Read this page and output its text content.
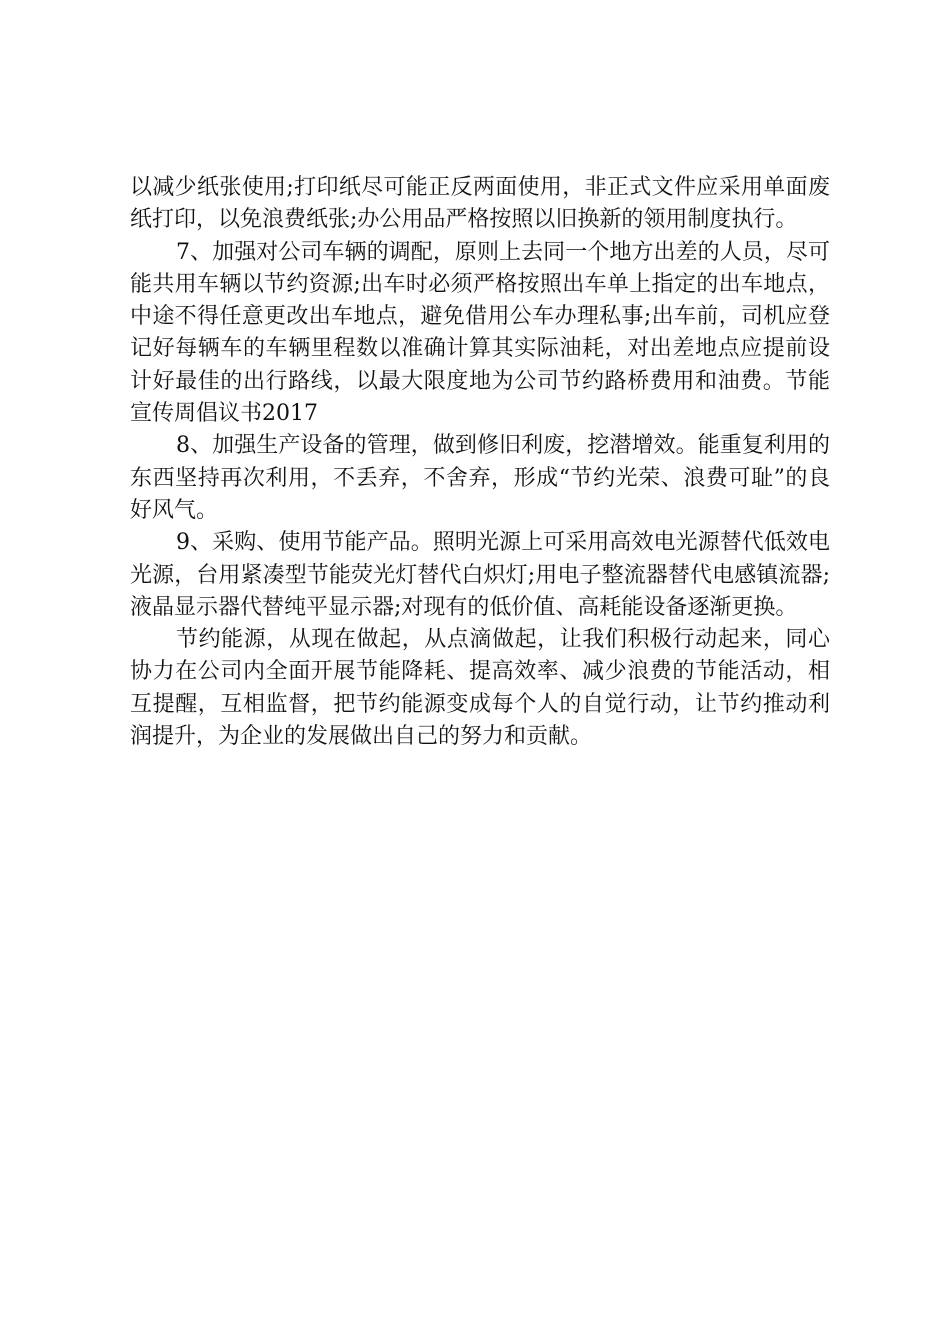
以减少纸张使用;打印纸尽可能正反两面使用，非正式文件应采用单面废纸打印，以免浪费纸张;办公用品严格按照以旧换新的领用制度执行。

7、加强对公司车辆的调配，原则上去同一个地方出差的人员，尽可能共用车辆以节约资源;出车时必须严格按照出车单上指定的出车地点，中途不得任意更改出车地点，避免借用公车办理私事;出车前，司机应登记好每辆车的车辆里程数以准确计算其实际油耗，对出差地点应提前设计好最佳的出行路线，以最大限度地为公司节约路桥费用和油费。节能宣传周倡议书2017

8、加强生产设备的管理，做到修旧利废，挖潜增效。能重复利用的东西坚持再次利用，不丢弃，不舍弃，形成“节约光荣、浪费可耻”的良好风气。

9、采购、使用节能产品。照明光源上可采用高效电光源替代低效电光源，台用紧凑型节能荧光灯替代白炽灯;用电子整流器替代电感镇流器;液晶显示器代替纯平显示器;对现有的低价值、高耗能设备逐渐更换。

节约能源，从现在做起，从点滴做起，让我们积极行动起来，同心协力在公司内全面开展节能降耗、提高效率、减少浪费的节能活动，相互提醒，互相监督，把节约能源变成每个人的自觉行动，让节约推动利润提升，为企业的发展做出自己的努力和贡献。
